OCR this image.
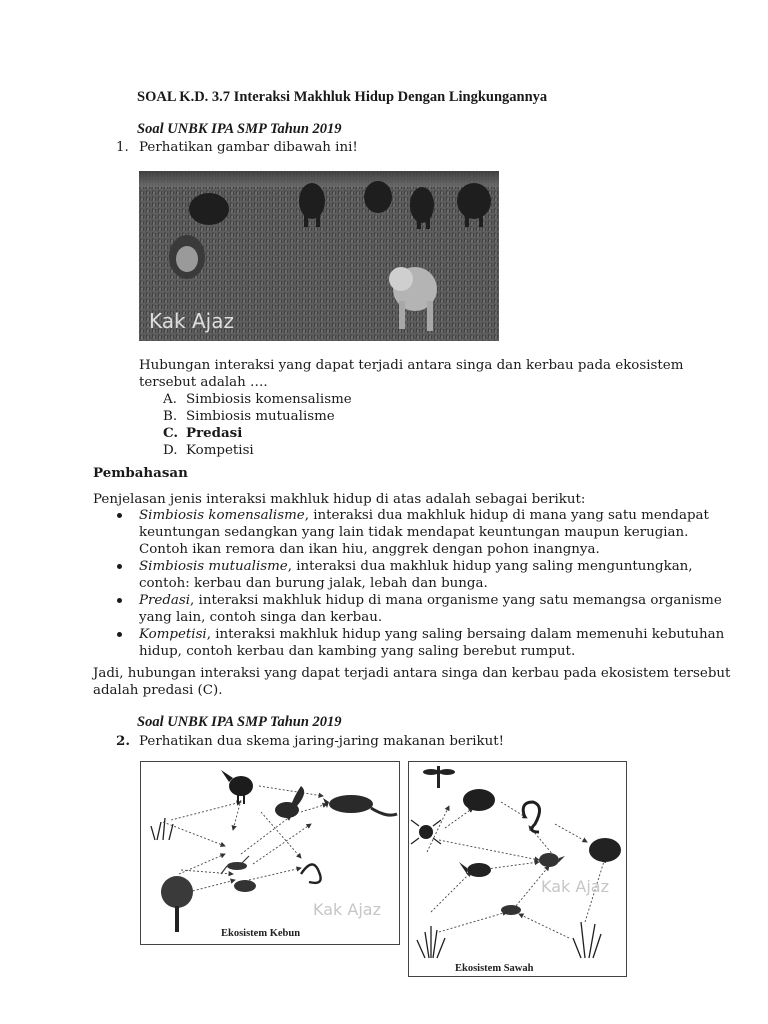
SOAL K.D. 3.7 Interaksi Makhluk Hidup Dengan Lingkungannya
Soal UNBK IPA SMP Tahun 2019
1. Perhatikan gambar dibawah ini!
Kak Ajaz
Hubungan interaksi yang dapat terjadi antara singa dan kerbau pada ekosistem
tersebut adalah ….
A. Simbiosis komensalisme
B. Simbiosis mutualisme
C. Predasi
D. Kompetisi
Pembahasan
Penjelasan jenis interaksi makhluk hidup di atas adalah sebagai berikut:
Simbiosis komensalisme, interaksi dua makhluk hidup di mana yang satu mendapat
keuntungan sedangkan yang lain tidak mendapat keuntungan maupun kerugian.
Contoh ikan remora dan ikan hiu, anggrek dengan pohon inangnya.
Simbiosis mutualisme, interaksi dua makhluk hidup yang saling menguntungkan,
contoh: kerbau dan burung jalak, lebah dan bunga.
Predasi, interaksi makhluk hidup di mana organisme yang satu memangsa organisme
yang lain, contoh singa dan kerbau.
Kompetisi, interaksi makhluk hidup yang saling bersaing dalam memenuhi kebutuhan
hidup, contoh kerbau dan kambing yang saling berebut rumput.
Jadi, hubungan interaksi yang dapat terjadi antara singa dan kerbau pada ekosistem tersebut
adalah predasi (C).
Soal UNBK IPA SMP Tahun 2019
2. Perhatikan dua skema jaring-jaring makanan berikut!
Kak Ajaz
Ekosistem Kebun
Kak Ajaz
Ekosistem Sawah
